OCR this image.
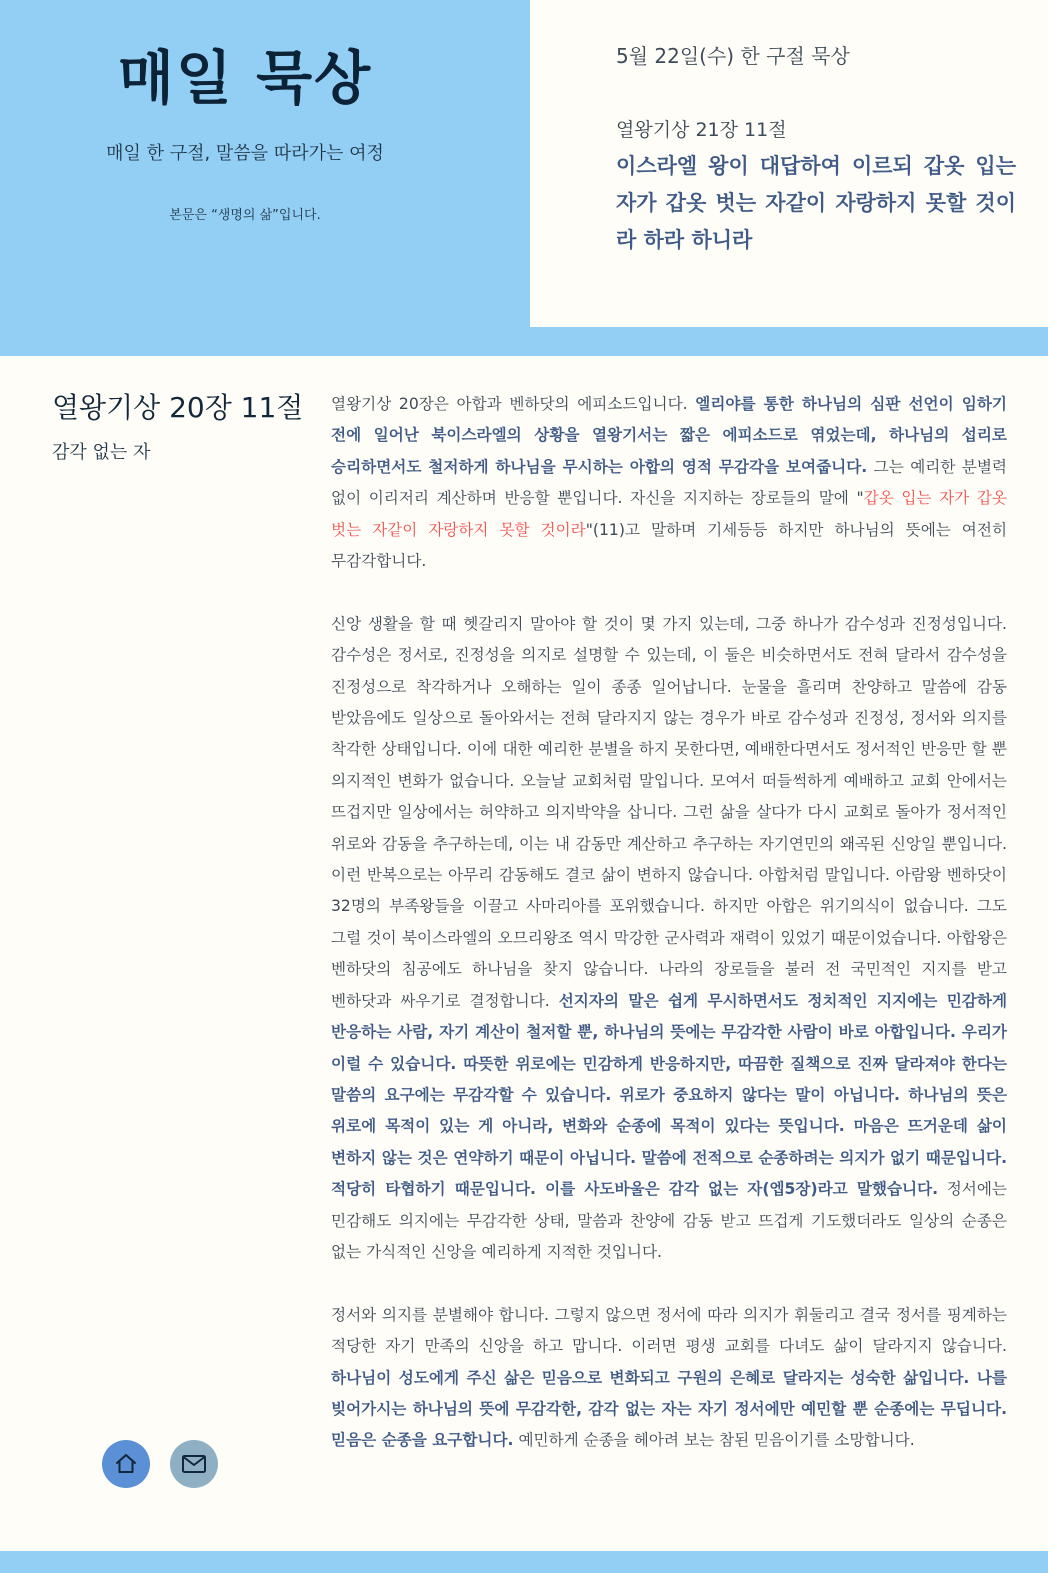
매일 묵상

매일 한 구절, 말씀을 따라가는 여정

본문은 “생명의 삶”입니다.

5월 22일(수) 한 구절 묵상

열왕기상 21장 11절

이스라엘 왕이 대답하여 이르되 갑옷 입는 자가 갑옷 벗는 자같이 자랑하지 못할 것이라 하라 하니라

열왕기상 20장 11절

감각 없는 자

열왕기상 20장은 아합과 벤하닷의 에피소드입니다. 엘리야를 통한 하나님의 심판 선언이 임하기 전에 일어난 북이스라엘의 상황을 열왕기서는 짧은 에피소드로 엮었는데, 하나님의 섭리로 승리하면서도 철저하게 하나님을 무시하는 아합의 영적 무감각을 보여줍니다. 그는 예리한 분별력 없이 이리저리 계산하며 반응할 뿐입니다. 자신을 지지하는 장로들의 말에 "갑옷 입는 자가 갑옷 벗는 자같이 자랑하지 못할 것이라"(11)고 말하며 기세등등 하지만 하나님의 뜻에는 여전히 무감각합니다.

신앙 생활을 할 때 헷갈리지 말아야 할 것이 몇 가지 있는데, 그중 하나가 감수성과 진정성입니다. 감수성은 정서로, 진정성을 의지로 설명할 수 있는데, 이 둘은 비슷하면서도 전혀 달라서 감수성을 진정성으로 착각하거나 오해하는 일이 종종 일어납니다. 눈물을 흘리며 찬양하고 말씀에 감동 받았음에도 일상으로 돌아와서는 전혀 달라지지 않는 경우가 바로 감수성과 진정성, 정서와 의지를 착각한 상태입니다. 이에 대한 예리한 분별을 하지 못한다면, 예배한다면서도 정서적인 반응만 할 뿐 의지적인 변화가 없습니다. 오늘날 교회처럼 말입니다. 모여서 떠들썩하게 예배하고 교회 안에서는 뜨겁지만 일상에서는 허약하고 의지박약을 삽니다. 그런 삶을 살다가 다시 교회로 돌아가 정서적인 위로와 감동을 추구하는데, 이는 내 감동만 계산하고 추구하는 자기연민의 왜곡된 신앙일 뿐입니다. 이런 반복으로는 아무리 감동해도 결코 삶이 변하지 않습니다. 아합처럼 말입니다. 아람왕 벤하닷이 32명의 부족왕들을 이끌고 사마리아를 포위했습니다. 하지만 아합은 위기의식이 없습니다. 그도 그럴 것이 북이스라엘의 오므리왕조 역시 막강한 군사력과 재력이 있었기 때문이었습니다. 아합왕은 벤하닷의 침공에도 하나님을 찾지 않습니다. 나라의 장로들을 불러 전 국민적인 지지를 받고 벤하닷과 싸우기로 결정합니다. 선지자의 말은 쉽게 무시하면서도 정치적인 지지에는 민감하게 반응하는 사람, 자기 계산이 철저할 뿐, 하나님의 뜻에는 무감각한 사람이 바로 아합입니다. 우리가 이럴 수 있습니다. 따뜻한 위로에는 민감하게 반응하지만, 따끔한 질책으로 진짜 달라져야 한다는 말씀의 요구에는 무감각할 수 있습니다. 위로가 중요하지 않다는 말이 아닙니다. 하나님의 뜻은 위로에 목적이 있는 게 아니라, 변화와 순종에 목적이 있다는 뜻입니다. 마음은 뜨거운데 삶이 변하지 않는 것은 연약하기 때문이 아닙니다. 말씀에 전적으로 순종하려는 의지가 없기 때문입니다. 적당히 타협하기 때문입니다. 이를 사도바울은 감각 없는 자(엡5장)라고 말했습니다. 정서에는 민감해도 의지에는 무감각한 상태, 말씀과 찬양에 감동 받고 뜨겁게 기도했더라도 일상의 순종은 없는 가식적인 신앙을 예리하게 지적한 것입니다.

정서와 의지를 분별해야 합니다. 그렇지 않으면 정서에 따라 의지가 휘둘리고 결국 정서를 핑계하는 적당한 자기 만족의 신앙을 하고 맙니다. 이러면 평생 교회를 다녀도 삶이 달라지지 않습니다. 하나님이 성도에게 주신 삶은 믿음으로 변화되고 구원의 은혜로 달라지는 성숙한 삶입니다. 나를 빚어가시는 하나님의 뜻에 무감각한, 감각 없는 자는 자기 정서에만 예민할 뿐 순종에는 무딥니다. 믿음은 순종을 요구합니다. 예민하게 순종을 헤아려 보는 참된 믿음이기를 소망합니다.
